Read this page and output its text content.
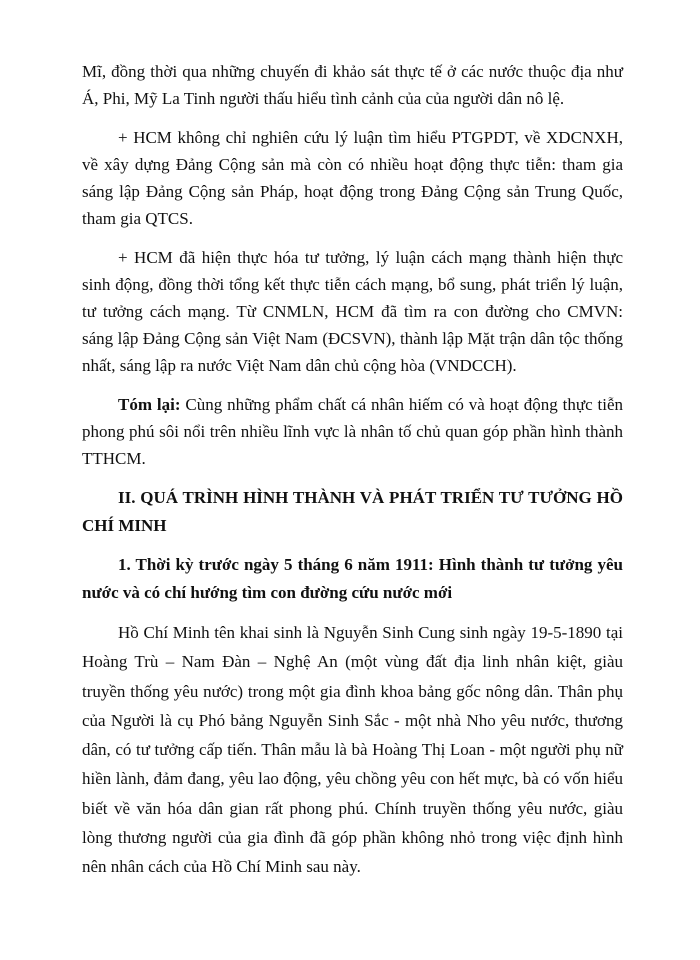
Mĩ, đồng thời qua những chuyến đi khảo sát thực tế ở các nước thuộc địa như Á, Phi, Mỹ La Tinh người thấu hiểu tình cảnh của của người dân nô lệ.

+ HCM không chỉ nghiên cứu lý luận tìm hiểu PTGPDT, về XDCNXH, về xây dựng Đảng Cộng sản mà còn có nhiều hoạt động thực tiễn: tham gia sáng lập Đảng Cộng sản Pháp, hoạt động trong Đảng Cộng sản Trung Quốc, tham gia QTCS.

+ HCM đã hiện thực hóa tư tưởng, lý luận cách mạng thành hiện thực sinh động, đồng thời tổng kết thực tiễn cách mạng, bổ sung, phát triển lý luận, tư tưởng cách mạng. Từ CNMLN, HCM đã tìm ra con đường cho CMVN: sáng lập Đảng Cộng sản Việt Nam (ĐCSVN), thành lập Mặt trận dân tộc thống nhất, sáng lập ra nước Việt Nam dân chủ cộng hòa (VNDCCH).

Tóm lại: Cùng những phẩm chất cá nhân hiếm có và hoạt động thực tiễn phong phú sôi nổi trên nhiều lĩnh vực là nhân tố chủ quan góp phần hình thành TTHCM.

II. QUÁ TRÌNH HÌNH THÀNH VÀ PHÁT TRIỂN TƯ TƯỞNG HỒ CHÍ MINH
1. Thời kỳ trước ngày 5 tháng 6 năm 1911: Hình thành tư tưởng yêu nước và có chí hướng tìm con đường cứu nước mới

Hồ Chí Minh tên khai sinh là Nguyễn Sinh Cung sinh ngày 19-5-1890 tại Hoàng Trù – Nam Đàn – Nghệ An (một vùng đất địa linh nhân kiệt, giàu truyền thống yêu nước) trong một gia đình khoa bảng gốc nông dân. Thân phụ của Người là cụ Phó bảng Nguyễn Sinh Sắc - một nhà Nho yêu nước, thương dân, có tư tưởng cấp tiến. Thân mẫu là bà Hoàng Thị Loan - một người phụ nữ hiền lành, đảm đang, yêu lao động, yêu chồng yêu con hết mực, bà có vốn hiểu biết về văn hóa dân gian rất phong phú. Chính truyền thống yêu nước, giàu lòng thương người của gia đình đã góp phần không nhỏ trong việc định hình nên nhân cách của Hồ Chí Minh sau này.
